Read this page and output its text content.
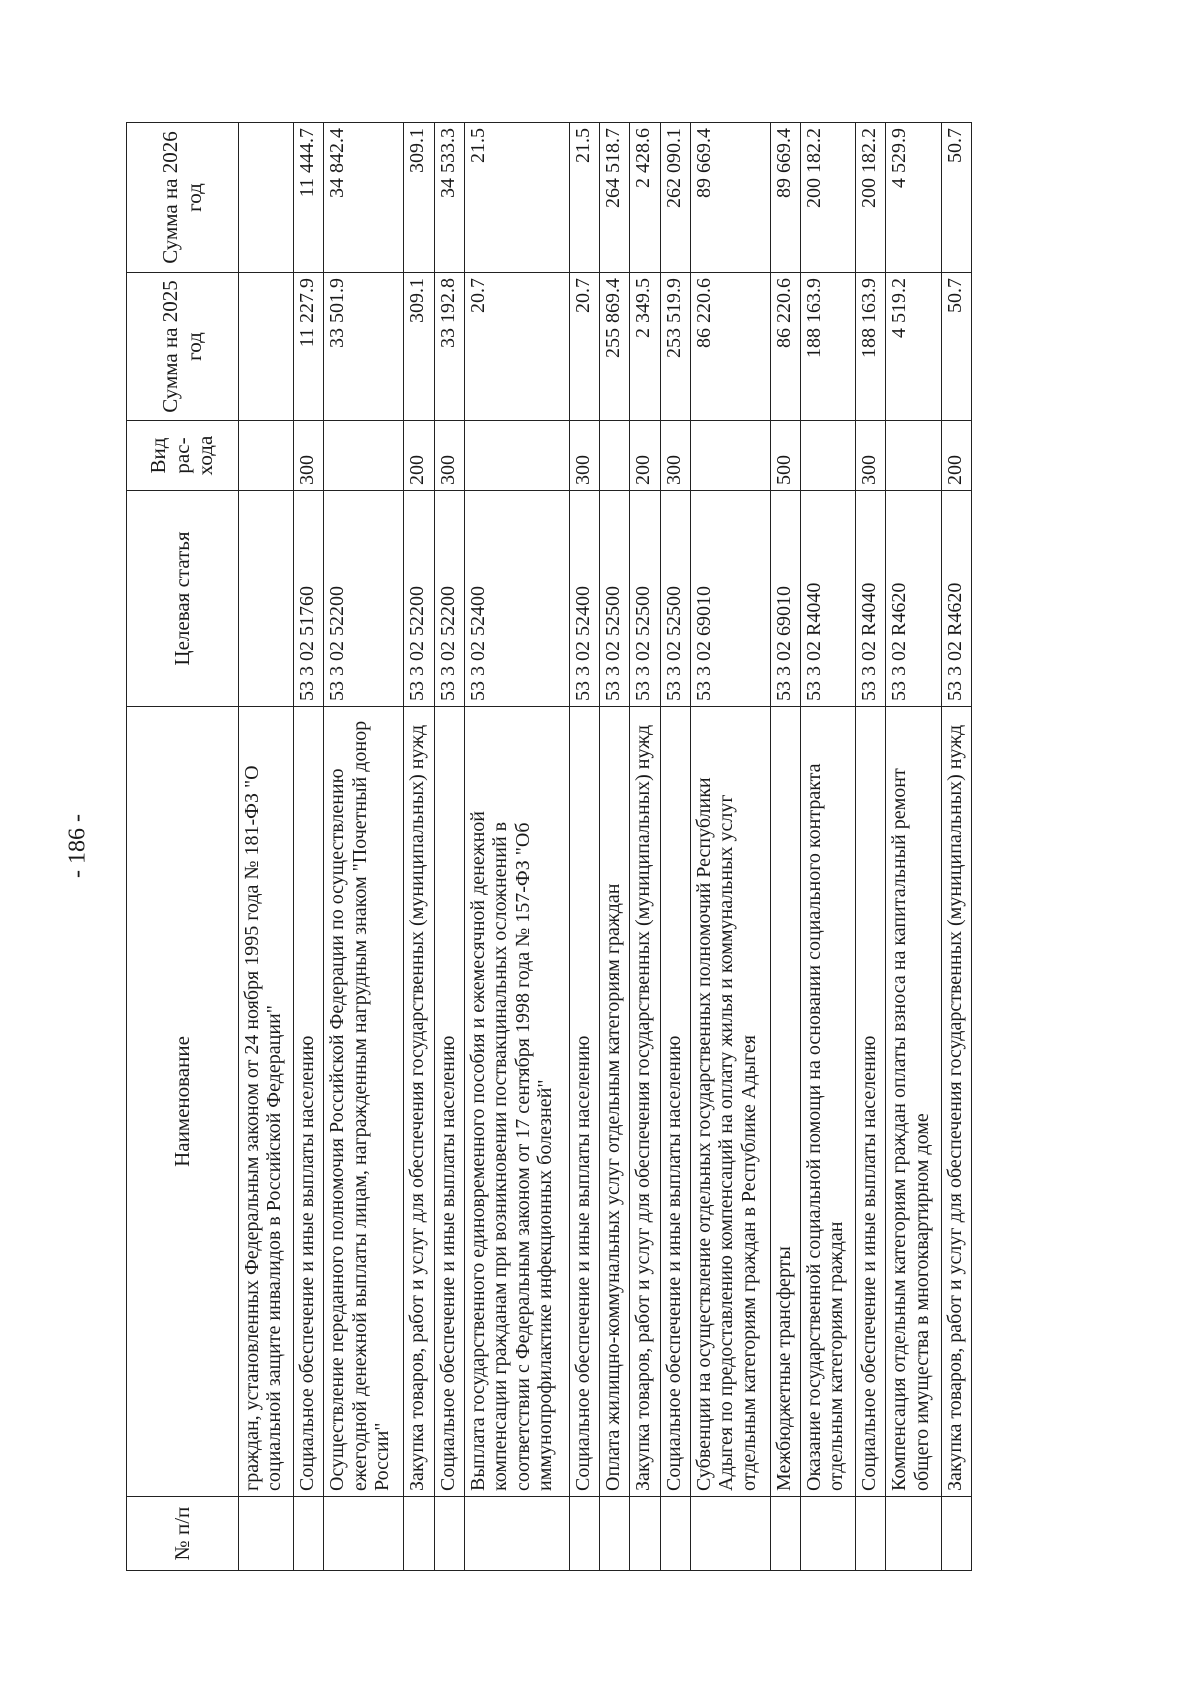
- 186 -
№ п/п	Наименование	Целевая статья	Вид рас-хода	Сумма на 2025 год	Сумма на 2026 год
	граждан, установленных Федеральным законом от 24 ноября 1995 года № 181-ФЗ "О социальной защите инвалидов в Российской Федерации"				
	Социальное обеспечение и иные выплаты населению	53 3 02 51760	300	11 227.9	11 444.7
	Осуществление переданного полномочия Российской Федерации по осуществлению ежегодной денежной выплаты лицам, награжденным нагрудным знаком "Почетный донор России"	53 3 02 52200		33 501.9	34 842.4
	Закупка товаров, работ и услуг для обеспечения государственных (муниципальных) нужд	53 3 02 52200	200	309.1	309.1
	Социальное обеспечение и иные выплаты населению	53 3 02 52200	300	33 192.8	34 533.3
	Выплата государственного единовременного пособия и ежемесячной денежной компенсации гражданам при возникновении поствакцинальных осложнений в соответствии с Федеральным законом от 17 сентября 1998 года № 157-ФЗ "Об иммунопрофилактике инфекционных болезней"	53 3 02 52400		20.7	21.5
	Социальное обеспечение и иные выплаты населению	53 3 02 52400	300	20.7	21.5
	Оплата жилищно-коммунальных услуг отдельным категориям граждан	53 3 02 52500		255 869.4	264 518.7
	Закупка товаров, работ и услуг для обеспечения государственных (муниципальных) нужд	53 3 02 52500	200	2 349.5	2 428.6
	Социальное обеспечение и иные выплаты населению	53 3 02 52500	300	253 519.9	262 090.1
	Субвенции на осуществление отдельных государственных полномочий Республики Адыгея по предоставлению компенсаций на оплату жилья и коммунальных услуг отдельным категориям граждан в Республике Адыгея	53 3 02 69010		86 220.6	89 669.4
	Межбюджетные трансферты	53 3 02 69010	500	86 220.6	89 669.4
	Оказание государственной социальной помощи на основании социального контракта отдельным категориям граждан	53 3 02 R4040		188 163.9	200 182.2
	Социальное обеспечение и иные выплаты населению	53 3 02 R4040	300	188 163.9	200 182.2
	Компенсация отдельным категориям граждан оплаты взноса на капитальный ремонт общего имущества в многоквартирном доме	53 3 02 R4620		4 519.2	4 529.9
	Закупка товаров, работ и услуг для обеспечения государственных (муниципальных) нужд	53 3 02 R4620	200	50.7	50.7
